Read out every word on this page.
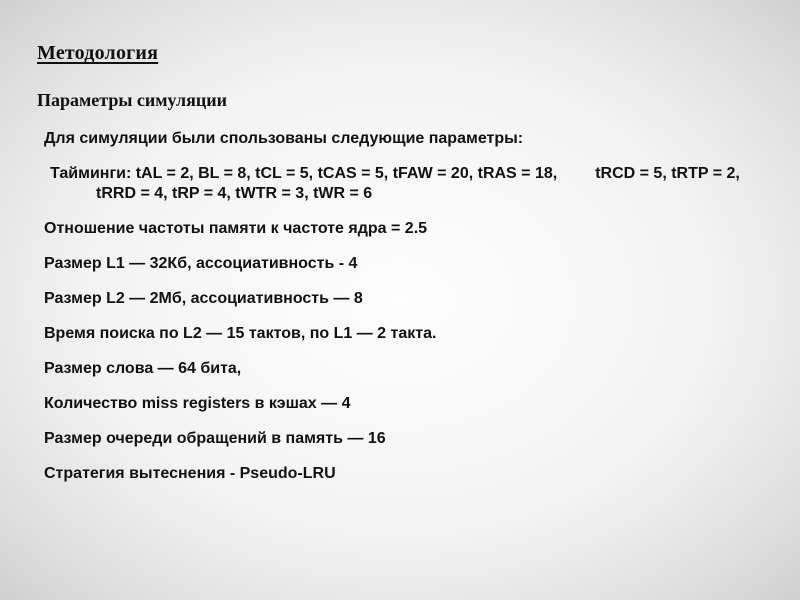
Методология
Параметры симуляции

Для симуляции были спользованы следующие параметры:

Тайминги: tAL = 2, BL = 8, tCL = 5, tCAS = 5, tFAW = 20, tRAS = 18, tRCD = 5, tRTP = 2,tRRD = 4, tRP = 4, tWTR = 3, tWR = 6

Отношение частоты памяти к частоте ядра = 2.5

Размер L1 — 32Кб, ассоциативность - 4

Размер L2 — 2Мб, ассоциативность — 8

Время поиска по L2 — 15 тактов, по L1 — 2 такта.

Размер слова — 64 бита,

Количество miss registers в кэшах — 4

Размер очереди обращений в память — 16

Стратегия вытеснения - Pseudo-LRU
